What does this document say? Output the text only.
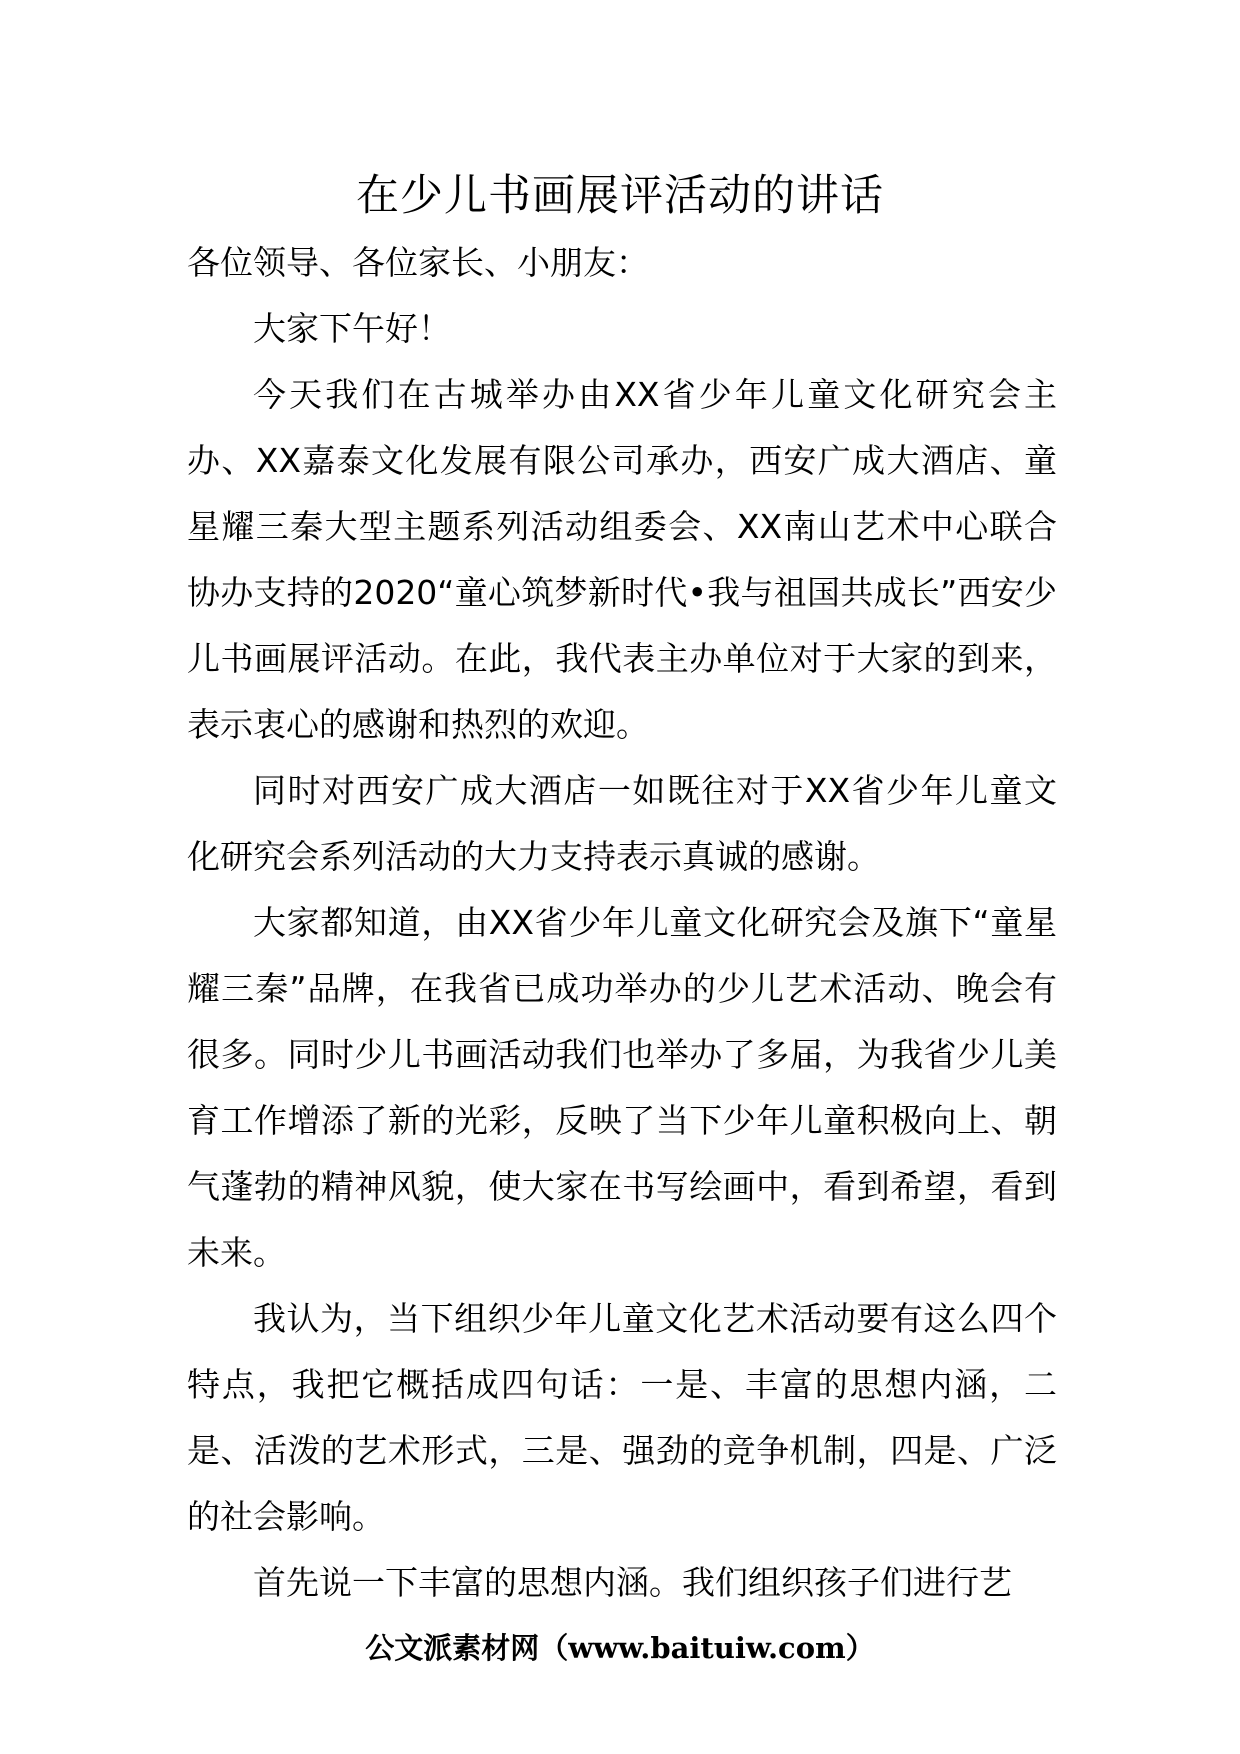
在少儿书画展评活动的讲话

各位领导、各位家长、小朋友：

大家下午好！

今天我们在古城举办由XX省少年儿童文化研究会主办、XX嘉泰文化发展有限公司承办，西安广成大酒店、童星耀三秦大型主题系列活动组委会、XX南山艺术中心联合协办支持的2020“童心筑梦新时代•我与祖国共成长”西安少儿书画展评活动。在此，我代表主办单位对于大家的到来，表示衷心的感谢和热烈的欢迎。

同时对西安广成大酒店一如既往对于XX省少年儿童文化研究会系列活动的大力支持表示真诚的感谢。

大家都知道，由XX省少年儿童文化研究会及旗下“童星耀三秦”品牌，在我省已成功举办的少儿艺术活动、晚会有很多。同时少儿书画活动我们也举办了多届，为我省少儿美育工作增添了新的光彩，反映了当下少年儿童积极向上、朝气蓬勃的精神风貌，使大家在书写绘画中，看到希望，看到未来。

我认为，当下组织少年儿童文化艺术活动要有这么四个特点，我把它概括成四句话：一是、丰富的思想内涵，二是、活泼的艺术形式，三是、强劲的竞争机制，四是、广泛的社会影响。

首先说一下丰富的思想内涵。我们组织孩子们进行艺

公文派素材网（www.baituiw.com）
